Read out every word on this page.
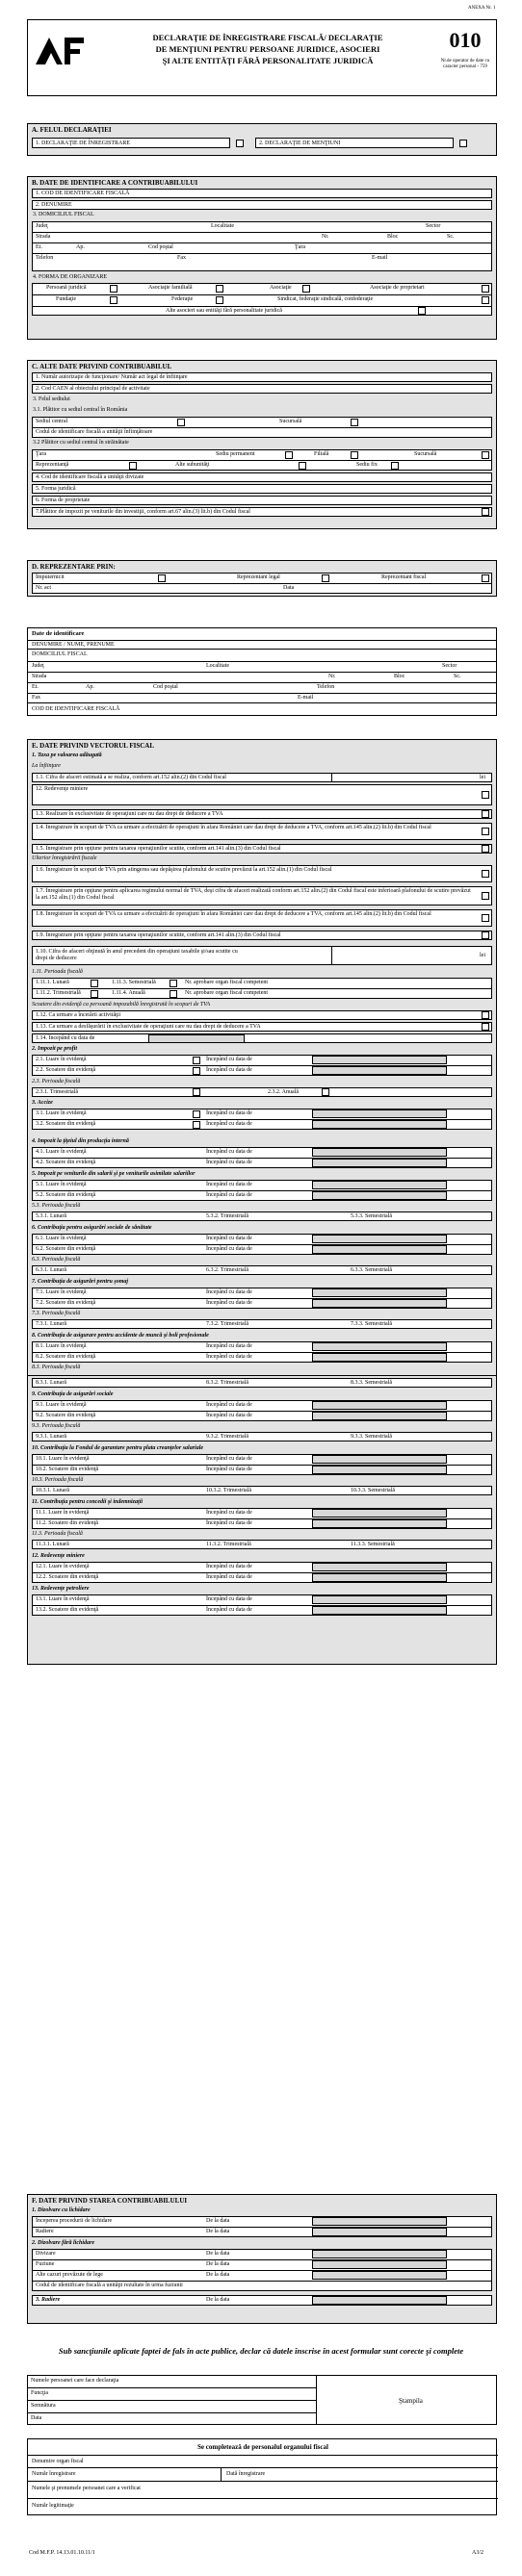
ANEXA Nr. 1
DECLARAŢIE DE ÎNREGISTRARE FISCALĂ/ DECLARAŢIE
DE MENŢIUNI PENTRU PERSOANE JURIDICE, ASOCIERI
ŞI ALTE ENTITĂŢI FĂRĂ PERSONALITATE JURIDICĂ
010
Nr.de operator de date cu caracter personal - 759
A. FELUL DECLARAŢIEI
1. DECLARAŢIE DE ÎNREGISTRARE	2. DECLARAŢIE DE MENŢIUNI
B. DATE DE IDENTIFICARE A CONTRIBUABILULUI
1. COD DE IDENTIFICARE FISCALĂ
2. DENUMIRE
3. DOMICILIUL FISCAL
Judeţ	Localitate	Sector
Strada	Nr.	Bloc	Sc.
Et.	Ap.	Cod poştal	Ţara
Telefon	Fax	E-mail
4. FORMA DE ORGANIZARE
Persoană juridică	Asociaţie familială	Asociaţie	Asociaţie de proprietari
Fundaţie	Federaţie	Sindicat, federaţie sindicală, confederaţie
Alte asocieri sau entităţi fără personalitate juridică
C. ALTE DATE PRIVIND CONTRIBUABILUL
1. Număr autorizaţie de funcţionare/ Număr act legal de înfiinţare
2. Cod CAEN al obiectului principal de activitate
3. Felul sediului
3.1. Plătitor cu sediul central în România
Sediul central	Sucursală
Codul de identificare fiscală a unităţii înfiinţătoare
3.2 Plătitor cu sediul central în străinătate
Ţara	Sediu permanent	Filială	Sucursală
Reprezentanţă	Alte subunităţi	Sediu fix
4. Cod de identificare fiscală a unităţii divizate
5. Forma juridică
6. Forma de proprietate
7.Plătitor de impozit pe veniturile din investiţii, conform art.67 alin.(3) lit.b) din Codul fiscal
D. REPREZENTARE PRIN:
Împuternicit	Reprezentant legal	Reprezentant fiscal
Nr. act	Data
Date de identificare
DENUMIRE / NUME, PRENUME
DOMICILIUL FISCAL
Judeţ	Localitate	Sector
Strada	Nr.	Bloc	Sc.
Et.	Ap.	Cod poştal	Telefon
Fax	E-mail
COD DE IDENTIFICARE FISCALĂ
E. DATE PRIVIND VECTORUL FISCAL
1. Taxa pe valoarea adăugată
La înfiinţare
1.1. Cifra de afaceri estimată a se realiza, conform art.152 alin.(2) din Codul fiscal	lei
12. Redevenţe miniere
1.3. Realizare în exclusivitate de operaţiuni care nu dau drept de deducere a TVA
1.4. Înregistrare în scopuri de TVA ca urmare a efectuării de operaţiuni în afara României care dau drept de deducere a TVA, conform art.145 alin.(2) lit.b) din Codul fiscal
1.5. Înregistrare prin opţiune pentru taxarea operaţiunilor scutite, conform art.141 alin.(3) din Codul fiscal
Ulterior înregistrării fiscale
1.6. Înregistrare în scopuri de TVA prin atingerea sau depăşirea plafonului de scutire prevăzut la art.152 alin.(1) din Codul fiscal
1.7. Înregistrare prin opţiune pentru aplicarea regimului normal de TVA, deşi cifra de afaceri realizată conform art.152 alin.(2) din Codul fiscal este inferioară plafonului de scutire prevăzut la art.152 alin.(1) din Codul fiscal
1.8. Înregistrare în scopuri de TVA ca urmare a efectuării de operaţiuni în afara României care dau drept de deducere a TVA, conform art.145 alin.(2) lit.b) din Codul fiscal
1.9. Înregistrare prin opţiune pentru taxarea operaţiunilor scutite, conform art.141 alin.(3) din Codul fiscal
1.10. Cifra de afaceri obţinută în anul precedent din operaţiuni taxabile şi/sau scutite cu drept de deducere	lei
1.11. Perioada fiscală
1.11.1. Lunară	1.11.3. Semestrială	Nr. aprobare organ fiscal competent
1.11.2. Trimestrială	1.11.4. Anuală	Nr. aprobare organ fiscal competent
Scoatere din evidenţă ca persoană impozabilă înregistrată în scopuri de TVA
1.12. Ca urmare a încetării activităţii
1.13. Ca urmare a desfăşurării în exclusivitate de operaţiuni care nu dau drept de deducere a TVA
1.14. Începând cu data de
2. Impozit pe profit
2.1. Luare în evidenţă	Începând cu data de
2.2. Scoatere din evidenţă	Începând cu data de
2.3. Perioada fiscală
2.3.1. Trimestrială	2.3.2. Anuală
3. Accize
3.1. Luare în evidenţă	Începând cu data de
3.2. Scoatere din evidenţă	Începând cu data de
4. Impozit la ţiţeiul din producţia internă
4.1. Luare în evidenţă	Începând cu data de
4.2. Scoatere din evidenţă	Începând cu data de
5. Impozit pe veniturile din salarii şi pe veniturile asimilate salariilor
5.1. Luare în evidenţă	Începând cu data de
5.2. Scoatere din evidenţă	Începând cu data de
5.3. Perioada fiscală
5.3.1. Lunară	5.3.2. Trimestrială	5.3.3. Semestrială
6. Contribuţia pentru asigurări sociale de sănătate
6.1. Luare în evidenţă	Începând cu data de
6.2. Scoatere din evidenţă	Începând cu data de
6.3. Perioada fiscală
6.3.1. Lunară	6.3.2. Trimestrială	6.3.3. Semestrială
7. Contribuţia de asigurări pentru şomaj
7.1. Luare în evidenţă	Începând cu data de
7.2. Scoatere din evidenţă	Începând cu data de
7.3. Perioada fiscală
7.3.1. Lunară	7.3.2. Trimestrială	7.3.3. Semestrială
8. Contribuţia de asigurare pentru accidente de muncă şi boli profesionale
8.1. Luare în evidenţă	Începând cu data de
8.2. Scoatere din evidenţă	Începând cu data de
8.3. Perioada fiscală
8.3.1. Lunară	8.3.2. Trimestrială	8.3.3. Semestrială
9. Contribuţia de asigurări sociale
9.1. Luare în evidenţă	Începând cu data de
9.2. Scoatere din evidenţă	Începând cu data de
9.3. Perioada fiscală
9.3.1. Lunară	9.3.2. Trimestrială	9.3.3. Semestrială
10. Contribuţia la Fondul de garantare pentru plata creanţelor salariale
10.1. Luare în evidenţă	Începând cu data de
10.2. Scoatere din evidenţă	Începând cu data de
10.3. Perioada fiscală
10.3.1. Lunară	10.3.2. Trimestrială	10.3.3. Semestrială
11. Contribuţia pentru concedii şi indemnizaţii
11.1. Luare în evidenţă	Începând cu data de
11.2. Scoatere din evidenţă	Începând cu data de
11.3. Perioada fiscală
11.3.1. Lunară	11.3.2. Trimestrială	11.3.3. Semestrială
12. Redevenţe miniere
12.1. Luare în evidenţă	Începând cu data de
12.2. Scoatere din evidenţă	Începând cu data de
13. Redevenţe petroliere
13.1. Luare în evidenţă	Începând cu data de
13.2. Scoatere din evidenţă	Începând cu data de
F. DATE PRIVIND STAREA CONTRIBUABILULUI
1. Dizolvare cu lichidare
Începerea procedurii de lichidare	De la data
Radiere	De la data
2. Dizolvare fără lichidare
Divizare	De la data
Fuziune	De la data
Alte cazuri prevăzute de lege	De la data
Codul de identificare fiscală a unităţii rezultate în urma fuziunii
3. Radiere	De la data
Sub sancţiunile aplicate faptei de fals în acte publice, declar că datele înscrise în acest formular sunt corecte şi complete
Numele persoanei care face declaraţia
Funcţia
Semnătura
Data
Ştampila
Se completează de personalul organului fiscal
Denumire organ fiscal
Număr înregistrare	Dată înregistrare
Numele şi prenumele persoanei care a verificat
Număr legitimaţie
Cod M.F.P. 14.13.01.10.11/1	A3/2
